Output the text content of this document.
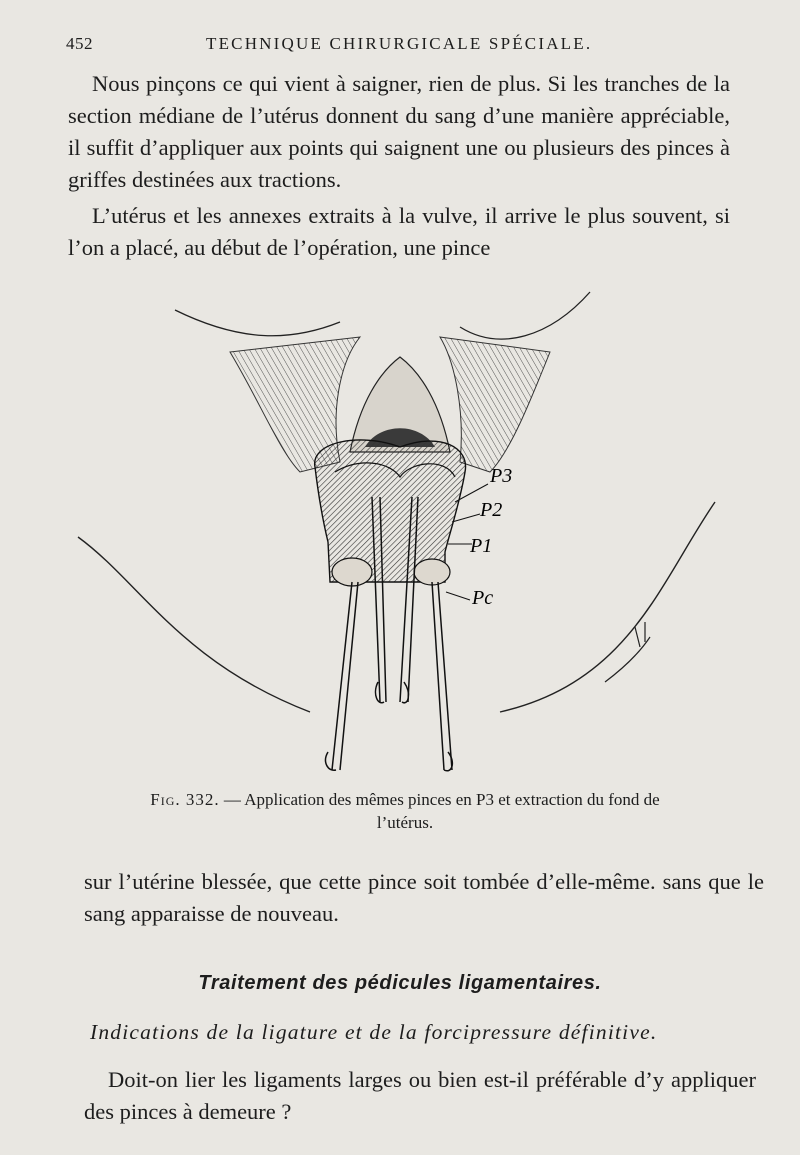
452	TECHNIQUE CHIRURGICALE SPÉCIALE.

Nous pinçons ce qui vient à saigner, rien de plus. Si les tranches de la section médiane de l’utérus donnent du sang d’une manière appréciable, il suffit d’appliquer aux points qui saignent une ou plusieurs des pinces à griffes destinées aux tractions.

L’utérus et les annexes extraits à la vulve, il arrive le plus souvent, si l’on a placé, au début de l’opération, une pince

P3
P2
P1
Pc
Fig. 332. — Application des mêmes pinces en P3 et extraction du fond de l’utérus.

sur l’utérine blessée, que cette pince soit tombée d’elle-même. sans que le sang apparaisse de nouveau.

Traitement des pédicules ligamentaires.
Indications de la ligature et de la forcipressure définitive.

Doit-on lier les ligaments larges ou bien est-il préférable d’y appliquer des pinces à demeure ?
